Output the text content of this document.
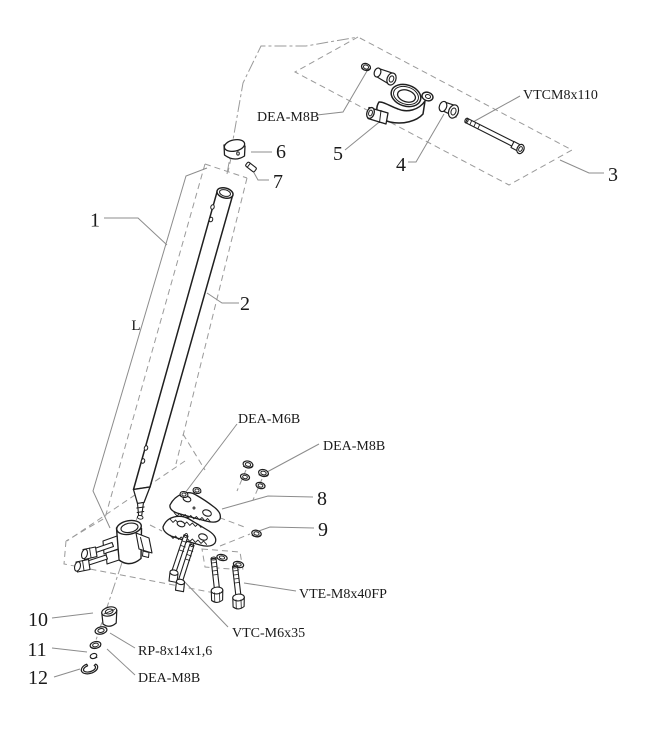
1
2
3
4
5
6
7
8
9
10
11
12
L
VTCM8x110
DEA-M8B
DEA-M6B
DEA-M8B
VTE-M8x40FP
VTC-M6x35
RP-8x14x1,6
DEA-M8B
